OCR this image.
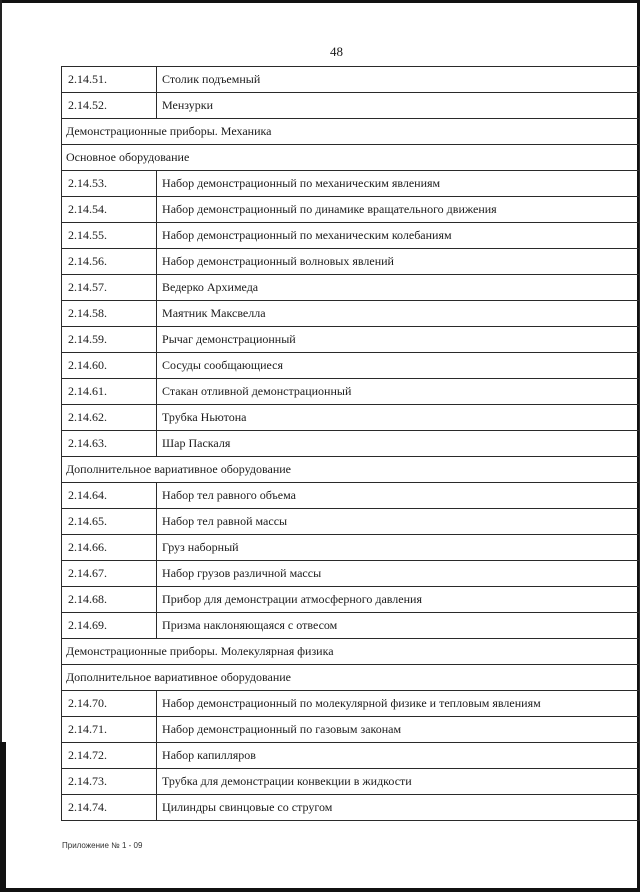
48
2.14.51.	Столик подъемный
2.14.52.	Мензурки
Демонстрационные приборы. Механика	
Основное оборудование	
2.14.53.	Набор демонстрационный по механическим явлениям
2.14.54.	Набор демонстрационный по динамике вращательного движения
2.14.55.	Набор демонстрационный по механическим колебаниям
2.14.56.	Набор демонстрационный волновых явлений
2.14.57.	Ведерко Архимеда
2.14.58.	Маятник Максвелла
2.14.59.	Рычаг демонстрационный
2.14.60.	Сосуды сообщающиеся
2.14.61.	Стакан отливной демонстрационный
2.14.62.	Трубка Ньютона
2.14.63.	Шар Паскаля
Дополнительное вариативное оборудование	
2.14.64.	Набор тел равного объема
2.14.65.	Набор тел равной массы
2.14.66.	Груз наборный
2.14.67.	Набор грузов различной массы
2.14.68.	Прибор для демонстрации атмосферного давления
2.14.69.	Призма наклоняющаяся с отвесом
Демонстрационные приборы. Молекулярная физика	
Дополнительное вариативное оборудование	
2.14.70.	Набор демонстрационный по молекулярной физике и тепловым явлениям
2.14.71.	Набор демонстрационный по газовым законам
2.14.72.	Набор капилляров
2.14.73.	Трубка для демонстрации конвекции в жидкости
2.14.74.	Цилиндры свинцовые со стругом
Приложение № 1 - 09
